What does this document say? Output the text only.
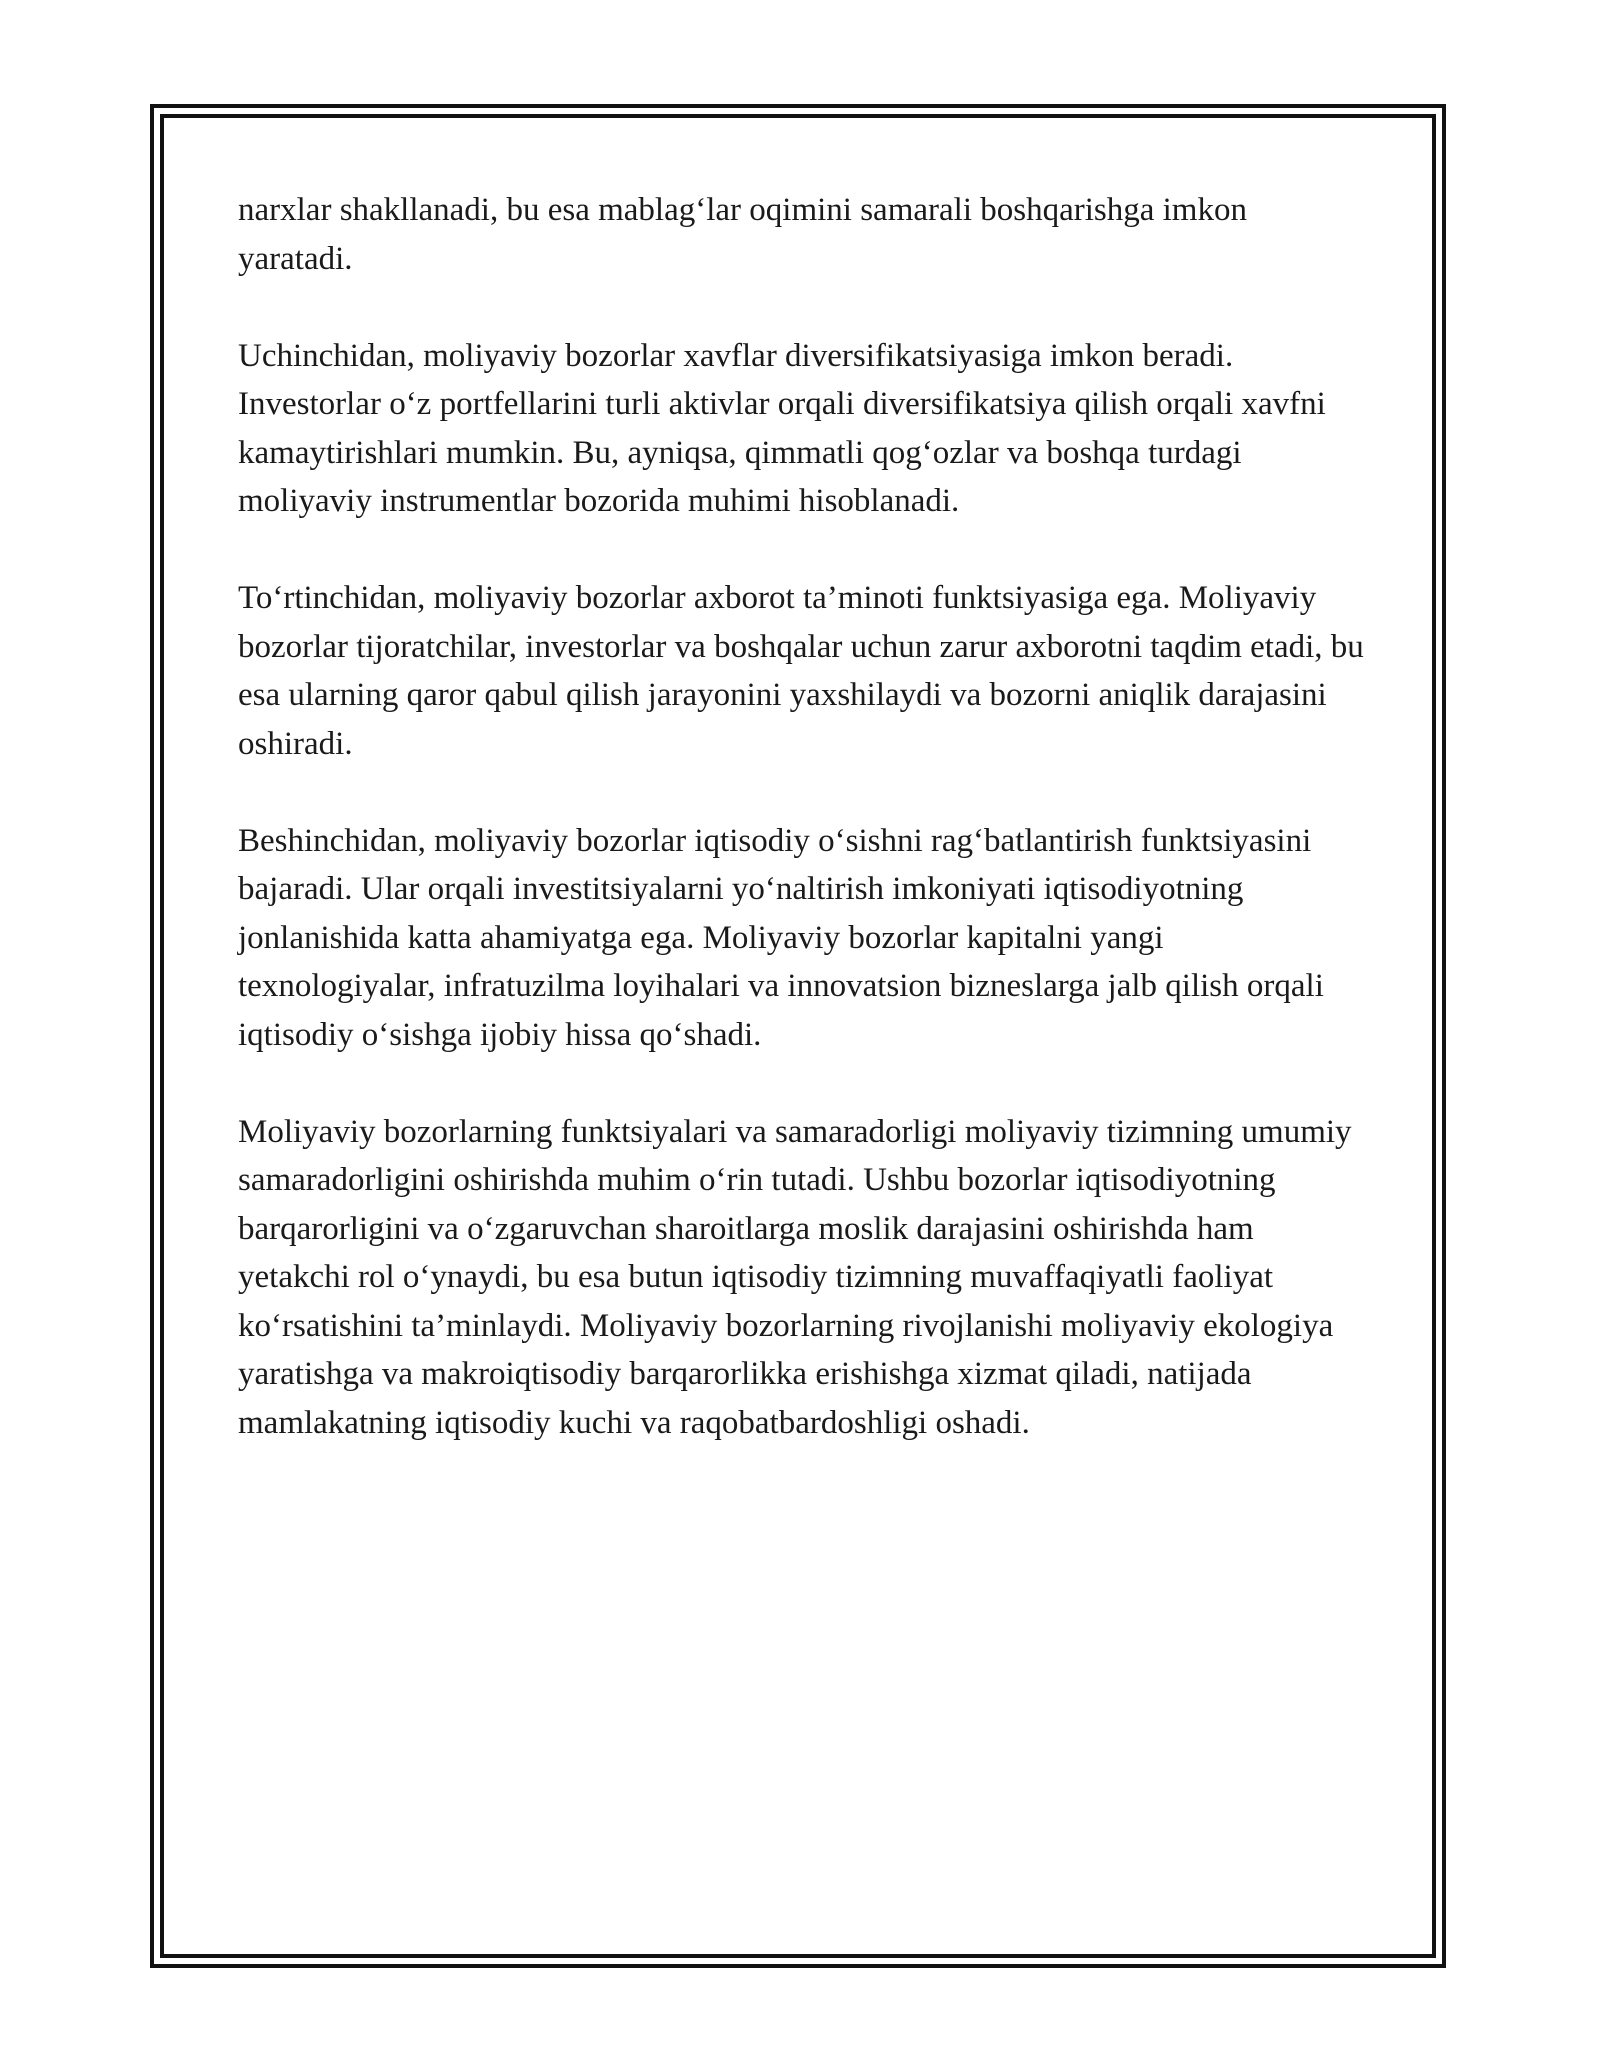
narxlar shakllanadi, bu esa mablag‘lar oqimini samarali boshqarishga imkon yaratadi.

Uchinchidan, moliyaviy bozorlar xavflar diversifikatsiyasiga imkon beradi. Investorlar o‘z portfellarini turli aktivlar orqali diversifikatsiya qilish orqali xavfni kamaytirishlari mumkin. Bu, ayniqsa, qimmatli qog‘ozlar va boshqa turdagi moliyaviy instrumentlar bozorida muhimi hisoblanadi.

To‘rtinchidan, moliyaviy bozorlar axborot ta’minoti funktsiyasiga ega. Moliyaviy bozorlar tijoratchilar, investorlar va boshqalar uchun zarur axborotni taqdim etadi, bu esa ularning qaror qabul qilish jarayonini yaxshilaydi va bozorni aniqlik darajasini oshiradi.

Beshinchidan, moliyaviy bozorlar iqtisodiy o‘sishni rag‘batlantirish funktsiyasini bajaradi. Ular orqali investitsiyalarni yo‘naltirish imkoniyati iqtisodiyotning jonlanishida katta ahamiyatga ega. Moliyaviy bozorlar kapitalni yangi texnologiyalar, infratuzilma loyihalari va innovatsion bizneslarga jalb qilish orqali iqtisodiy o‘sishga ijobiy hissa qo‘shadi.

Moliyaviy bozorlarning funktsiyalari va samaradorligi moliyaviy tizimning umumiy samaradorligini oshirishda muhim o‘rin tutadi. Ushbu bozorlar iqtisodiyotning barqarorligini va o‘zgaruvchan sharoitlarga moslik darajasini oshirishda ham yetakchi rol o‘ynaydi, bu esa butun iqtisodiy tizimning muvaffaqiyatli faoliyat ko‘rsatishini ta’minlaydi. Moliyaviy bozorlarning rivojlanishi moliyaviy ekologiya yaratishga va makroiqtisodiy barqarorlikka erishishga xizmat qiladi, natijada mamlakatning iqtisodiy kuchi va raqobatbardoshligi oshadi.
